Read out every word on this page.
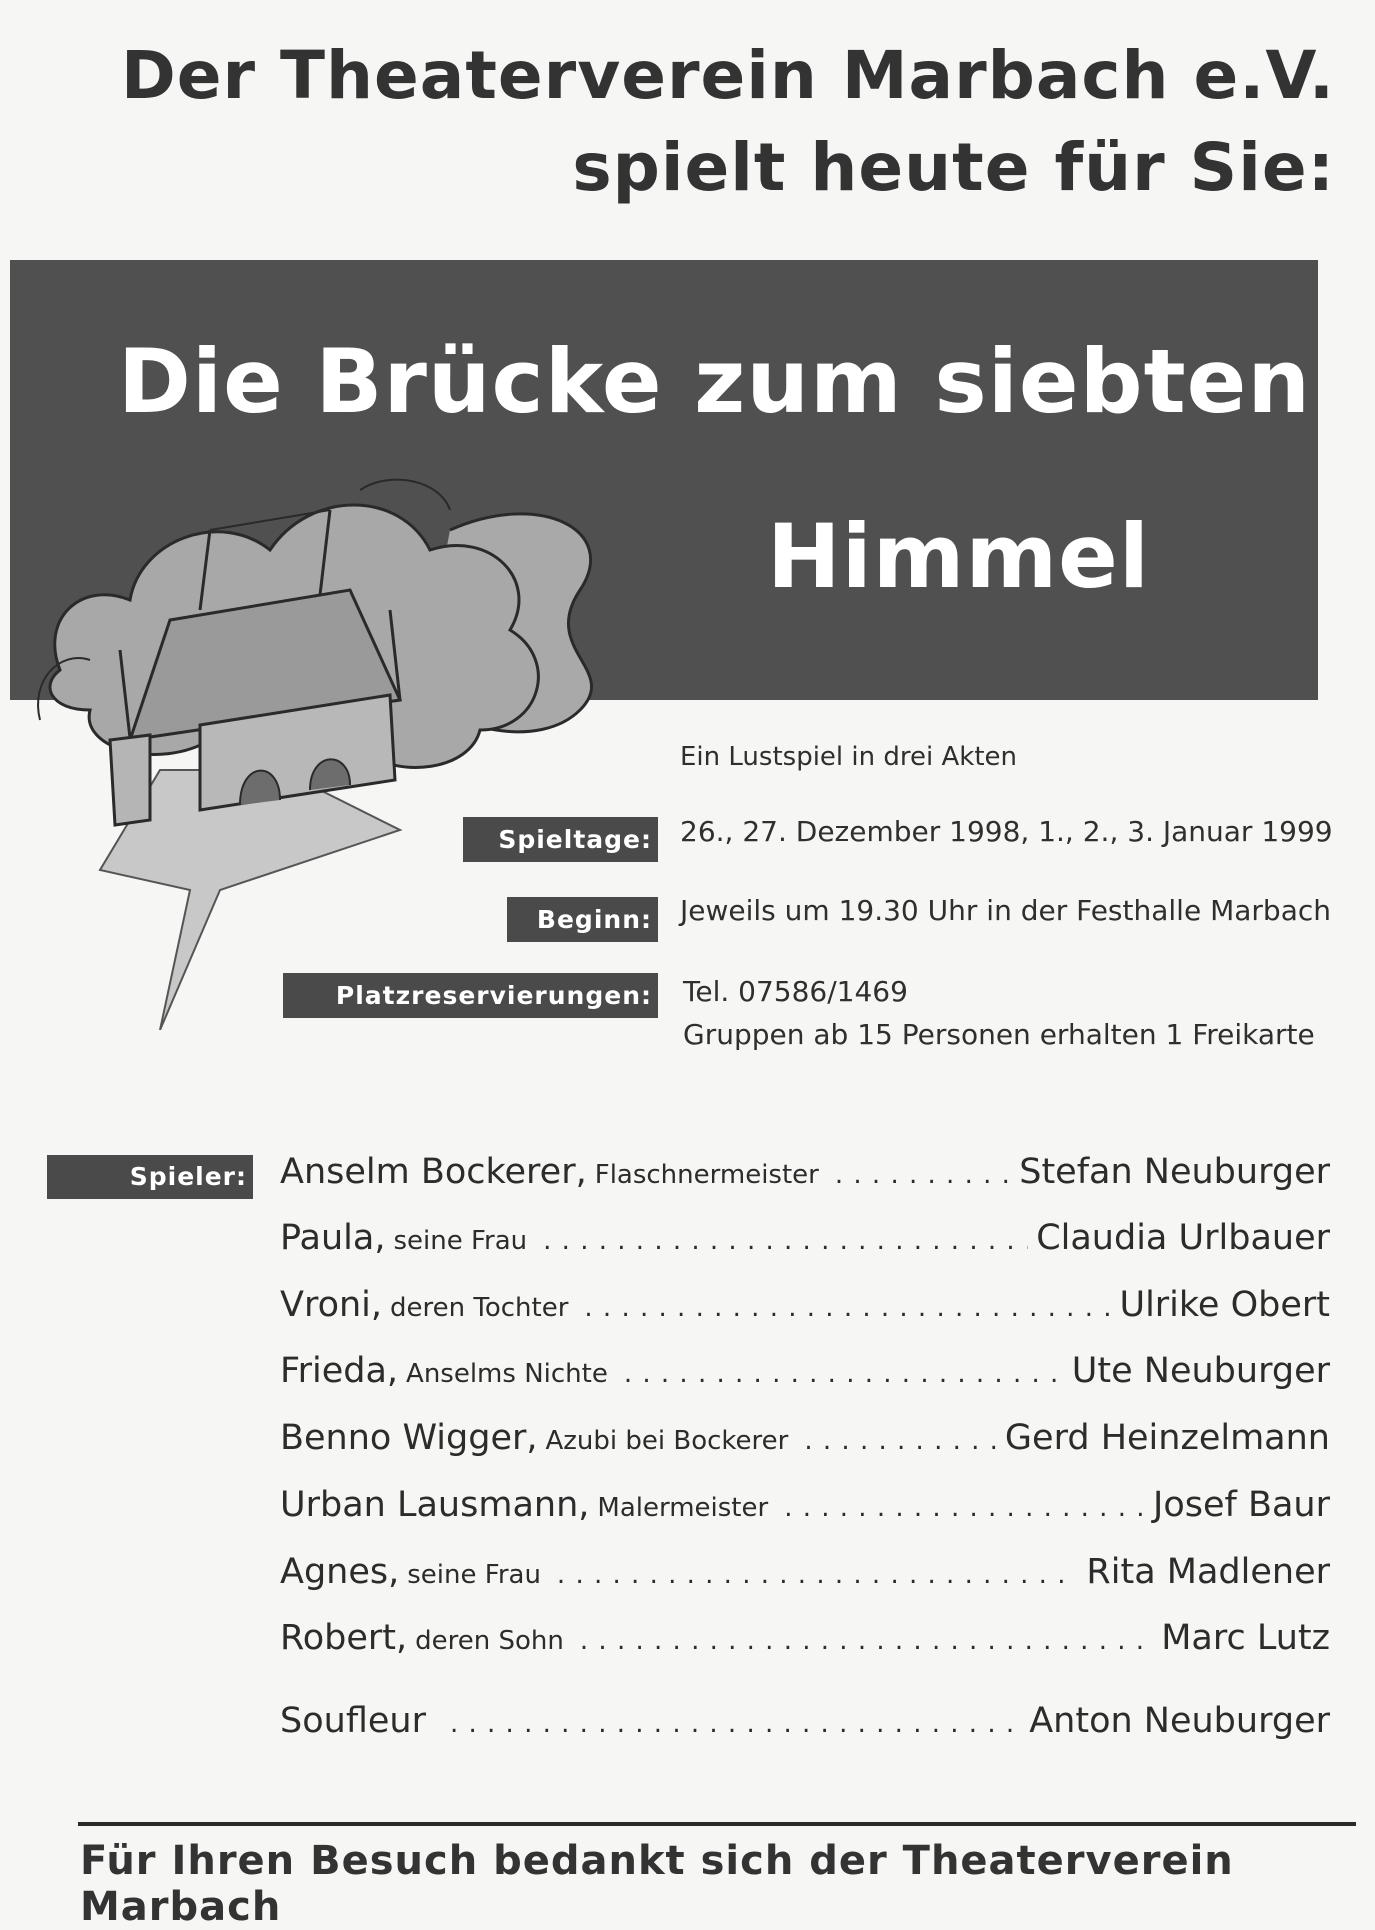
Der Theaterverein Marbach e.V.
spielt heute für Sie:
Die Brücke zum siebten
Himmel
Ein Lustspiel in drei Akten
Spieltage: 26., 27. Dezember 1998, 1., 2., 3. Januar 1999
Beginn: Jeweils um 19.30 Uhr in der Festhalle Marbach
Platzreservierungen: Tel. 07586/1469
Gruppen ab 15 Personen erhalten 1 Freikarte
Spieler: Anselm Bockerer, Flaschnermeister . . .	Stefan Neuburger
Paula, seine Frau . . .	Claudia Urlbauer
Vroni, deren Tochter . . .	Ulrike Obert
Frieda, Anselms Nichte . . .	Ute Neuburger
Benno Wigger, Azubi bei Bockerer . . .	Gerd Heinzelmann
Urban Lausmann, Malermeister . . .	Josef Baur
Agnes, seine Frau . . .	Rita Madlener
Robert, deren Sohn . . .	Marc Lutz
Soufleur . . .	Anton Neuburger
Für Ihren Besuch bedankt sich der Theaterverein Marbach
